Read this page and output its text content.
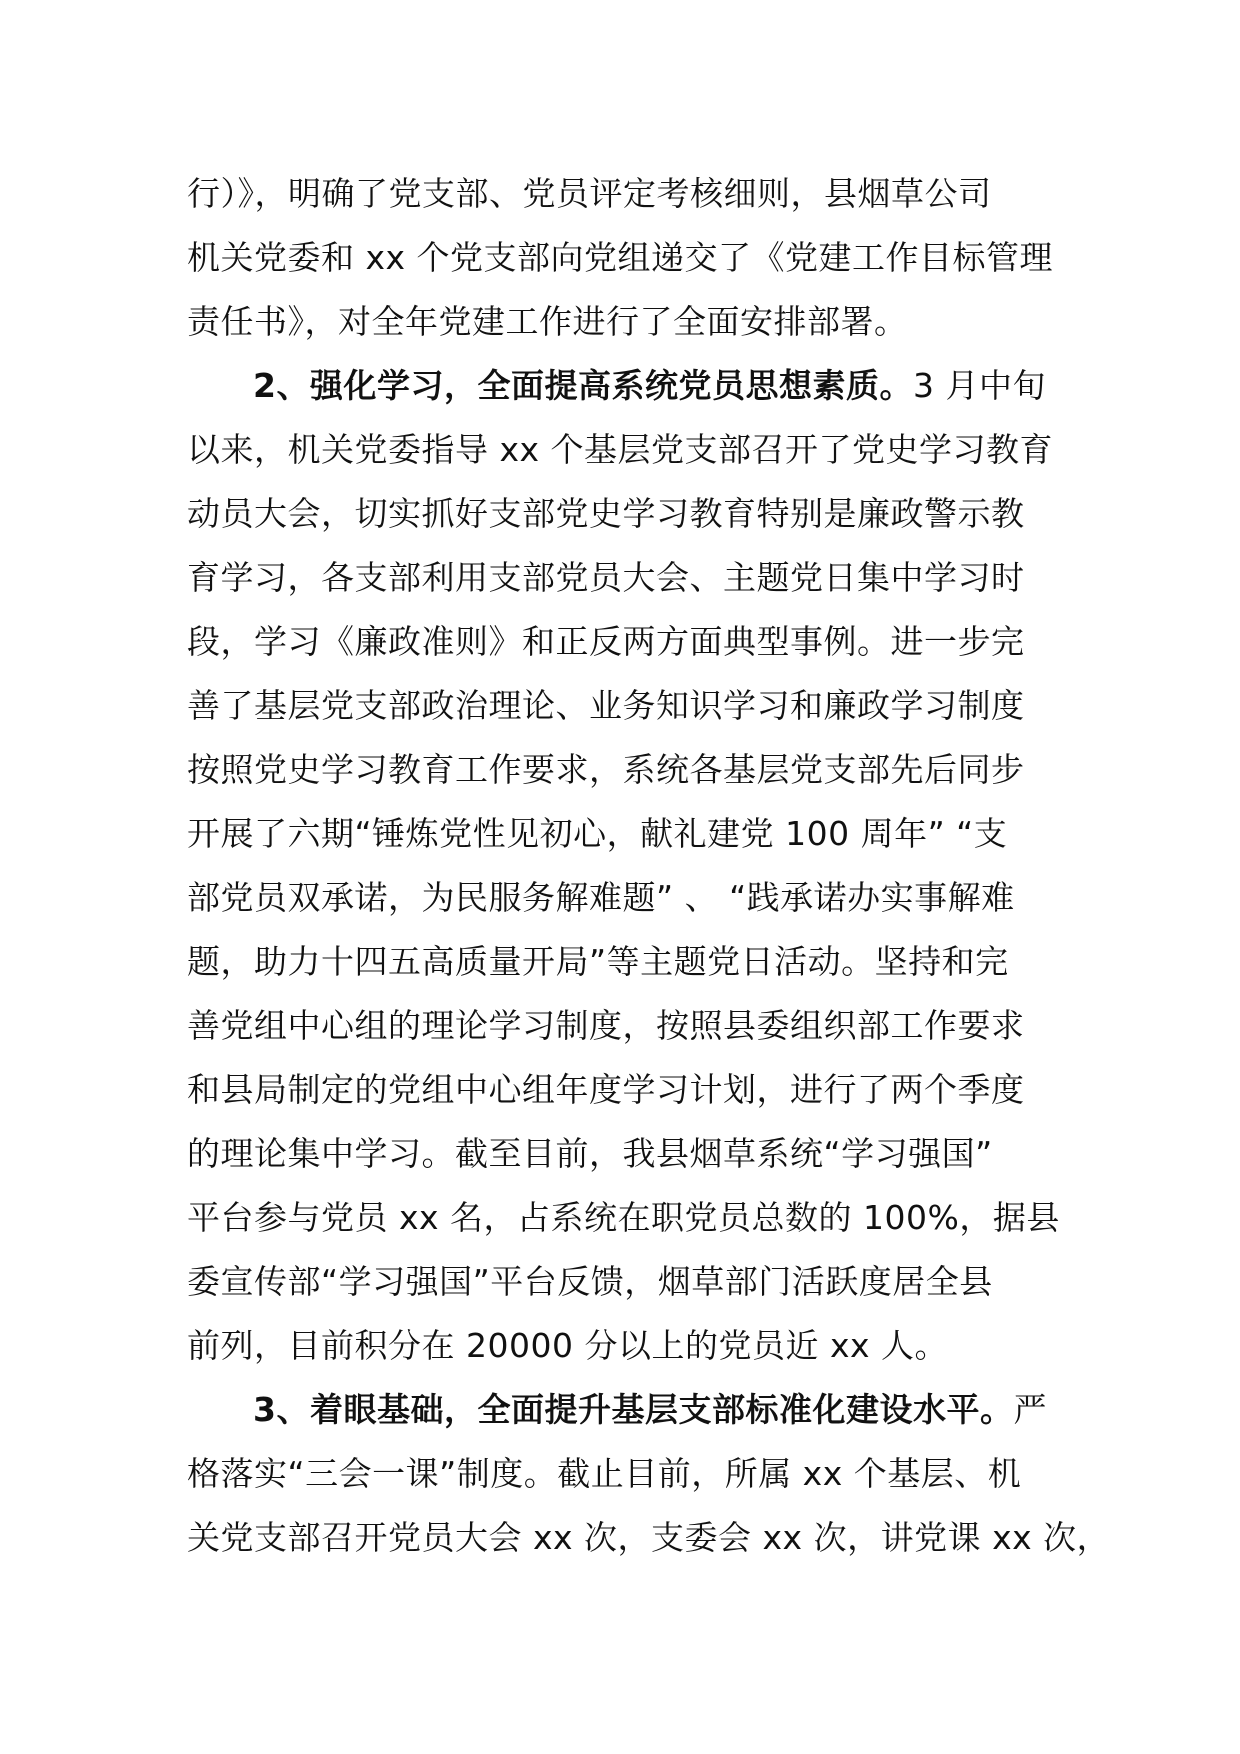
行）》，明确了党支部、党员评定考核细则，县烟草公司
机关党委和 xx 个党支部向党组递交了《党建工作目标管理
责任书》，对全年党建工作进行了全面安排部署。
2、强化学习，全面提高系统党员思想素质。3 月中旬
以来，机关党委指导 xx 个基层党支部召开了党史学习教育
动员大会，切实抓好支部党史学习教育特别是廉政警示教
育学习，各支部利用支部党员大会、主题党日集中学习时
段，学习《廉政准则》和正反两方面典型事例。进一步完
善了基层党支部政治理论、业务知识学习和廉政学习制度
按照党史学习教育工作要求，系统各基层党支部先后同步
开展了六期“锤炼党性见初心，献礼建党 100 周年” “支
部党员双承诺，为民服务解难题” 、 “践承诺办实事解难
题，助力十四五高质量开局”等主题党日活动。坚持和完
善党组中心组的理论学习制度，按照县委组织部工作要求
和县局制定的党组中心组年度学习计划，进行了两个季度
的理论集中学习。截至目前，我县烟草系统“学习强国”
平台参与党员 xx 名，占系统在职党员总数的 100%，据县
委宣传部“学习强国”平台反馈，烟草部门活跃度居全县
前列，目前积分在 20000 分以上的党员近 xx 人。
3、着眼基础，全面提升基层支部标准化建设水平。严
格落实“三会一课”制度。截止目前，所属 xx 个基层、机
关党支部召开党员大会 xx 次，支委会 xx 次，讲党课 xx 次，
